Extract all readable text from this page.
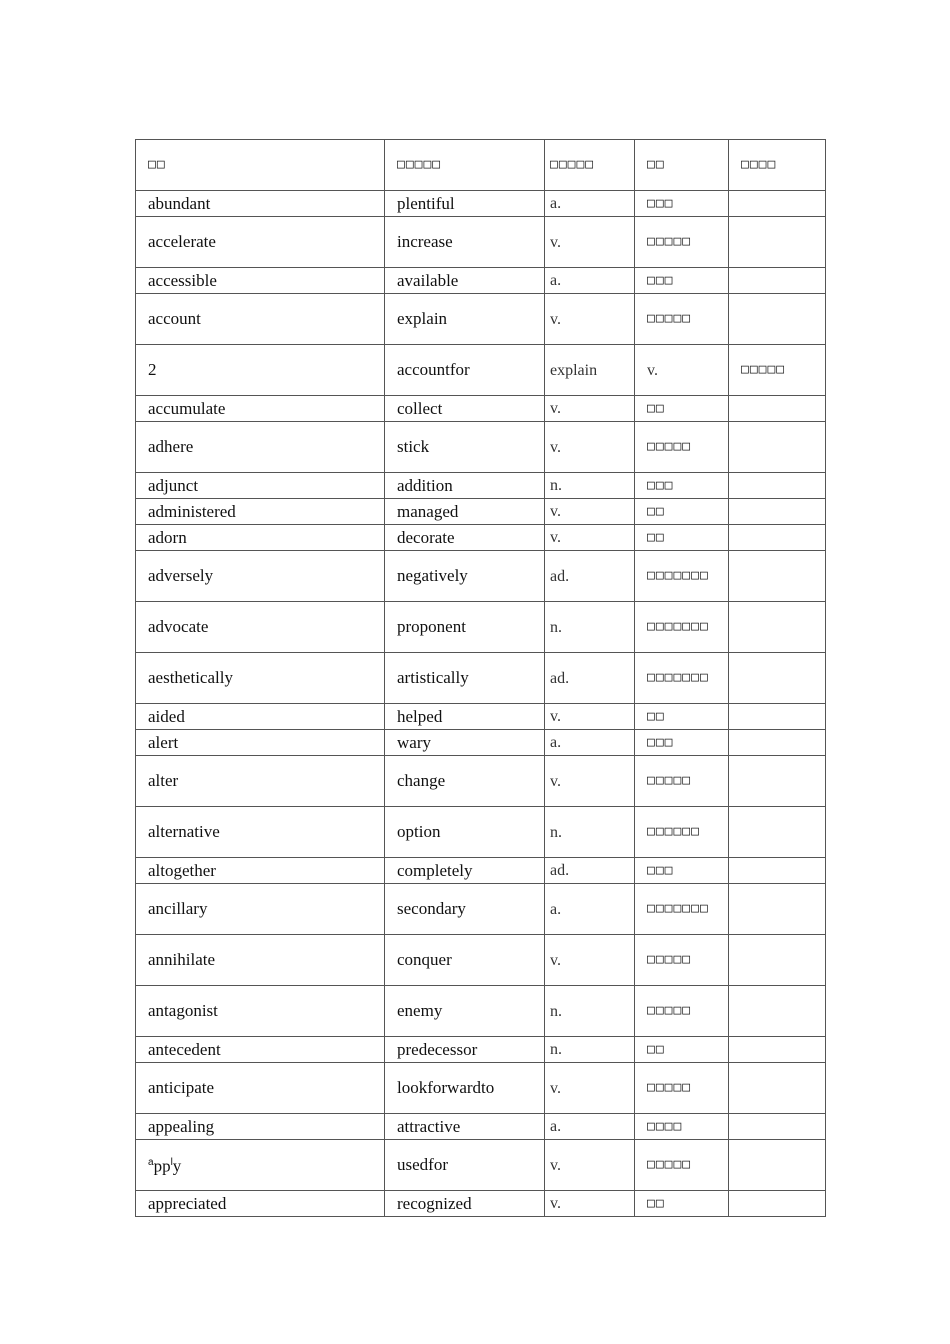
□□	□□□□□	□□□□□	□□	□□□□

abundant	plentiful	a.	□□□	

accelerate	increase	v.	□□□□□	

accessible	available	a.	□□□	

account	explain	v.	□□□□□	

2	accountfor	explain	v.	□□□□□

accumulate	collect	v.	□□	

adhere	stick	v.	□□□□□	

adjunct	addition	n.	□□□	

administered	managed	v.	□□	

adorn	decorate	v.	□□	

adversely	negatively	ad.	□□□□□□□	

advocate	proponent	n.	□□□□□□□	

aesthetically	artistically	ad.	□□□□□□□	

aided	helped	v.	□□	

alert	wary	a.	□□□	

alter	change	v.	□□□□□	

alternative	option	n.	□□□□□□	

altogether	completely	ad.	□□□	

ancillary	secondary	a.	□□□□□□□	

annihilate	conquer	v.	□□□□□	

antagonist	enemy	n.	□□□□□	

antecedent	predecessor	n.	□□	

anticipate	lookforwardto	v.	□□□□□	

appealing	attractive	a.	□□□□	

$^app^ly$	usedfor	v.	□□□□□	

appreciated	recognized	v.	□□	
